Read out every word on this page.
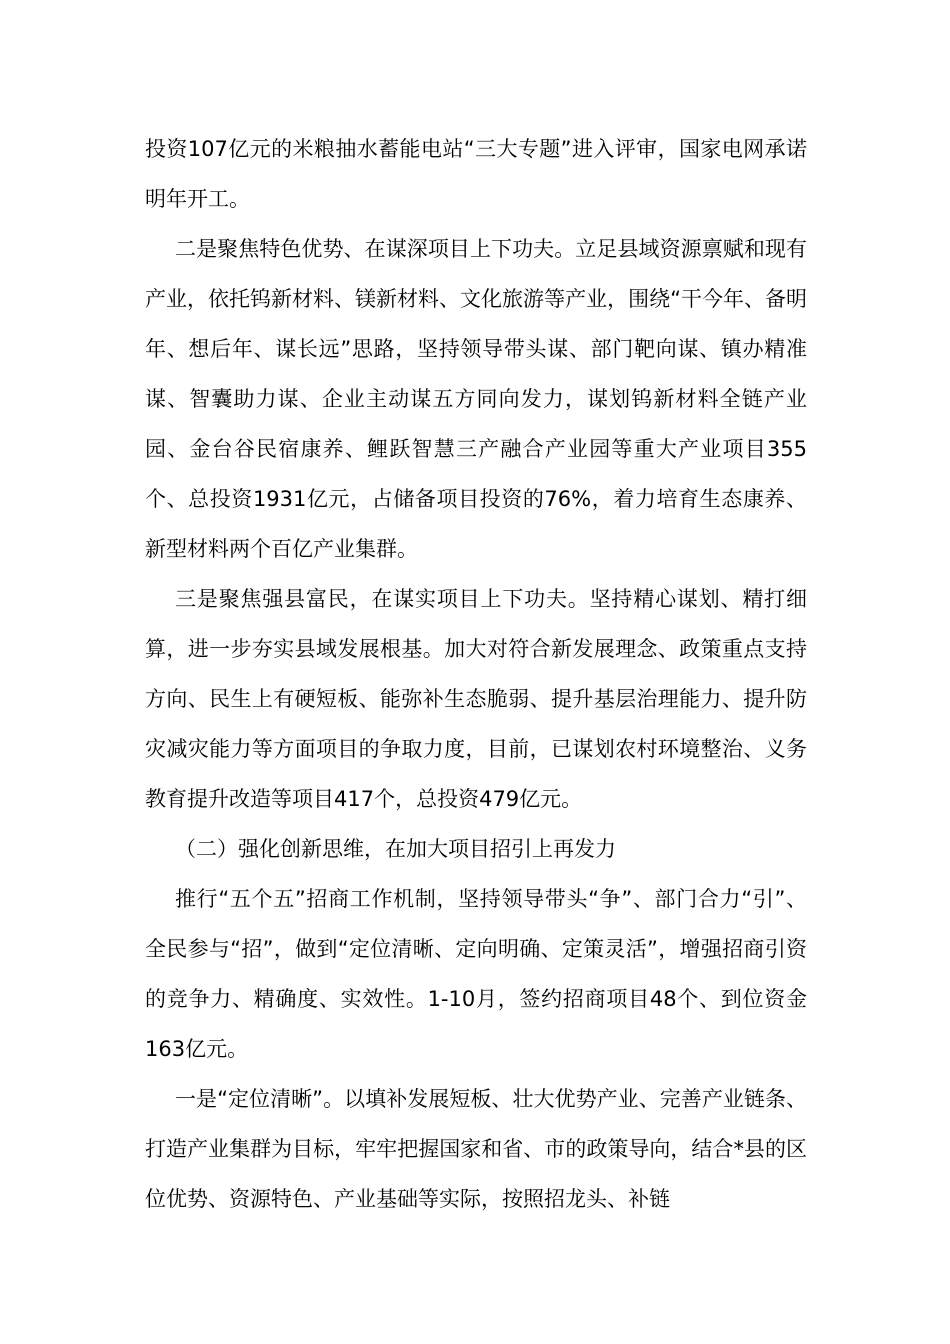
投资107亿元的米粮抽水蓄能电站“三大专题”进入评审，国家电网承诺明年开工。

二是聚焦特色优势、在谋深项目上下功夫。立足县域资源禀赋和现有产业，依托钨新材料、镁新材料、文化旅游等产业，围绕“干今年、备明年、想后年、谋长远”思路，坚持领导带头谋、部门靶向谋、镇办精准谋、智囊助力谋、企业主动谋五方同向发力，谋划钨新材料全链产业园、金台谷民宿康养、鲤跃智慧三产融合产业园等重大产业项目355个、总投资1931亿元，占储备项目投资的76%，着力培育生态康养、新型材料两个百亿产业集群。

三是聚焦强县富民，在谋实项目上下功夫。坚持精心谋划、精打细算，进一步夯实县域发展根基。加大对符合新发展理念、政策重点支持方向、民生上有硬短板、能弥补生态脆弱、提升基层治理能力、提升防灾减灾能力等方面项目的争取力度，目前，已谋划农村环境整治、义务教育提升改造等项目417个，总投资479亿元。

（二）强化创新思维，在加大项目招引上再发力

推行“五个五”招商工作机制，坚持领导带头“争”、部门合力“引”、全民参与“招”，做到“定位清晰、定向明确、定策灵活”，增强招商引资的竞争力、精确度、实效性。1-10月，签约招商项目48个、到位资金163亿元。

一是“定位清晰”。以填补发展短板、壮大优势产业、完善产业链条、打造产业集群为目标，牢牢把握国家和省、市的政策导向，结合*县的区位优势、资源特色、产业基础等实际，按照招龙头、补链
